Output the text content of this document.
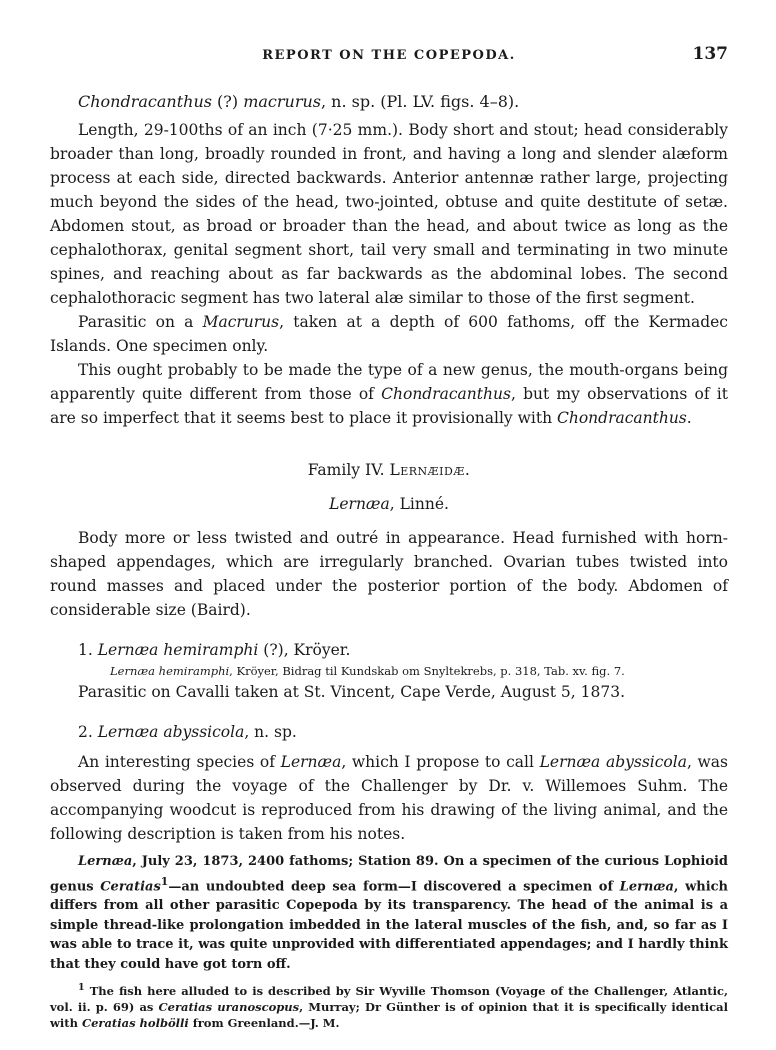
REPORT ON THE COPEPODA.	137

Chondracanthus (?) macrurus, n. sp. (Pl. LV. figs. 4–8).

Length, 29-100ths of an inch (7·25 mm.). Body short and stout; head considerably broader than long, broadly rounded in front, and having a long and slender alæform process at each side, directed backwards. Anterior antennæ rather large, projecting much beyond the sides of the head, two-jointed, obtuse and quite destitute of setæ. Abdomen stout, as broad or broader than the head, and about twice as long as the cephalothorax, genital segment short, tail very small and terminating in two minute spines, and reaching about as far backwards as the abdominal lobes. The second cephalothoracic segment has two lateral alæ similar to those of the first segment.

Parasitic on a Macrurus, taken at a depth of 600 fathoms, off the Kermadec Islands. One specimen only.

This ought probably to be made the type of a new genus, the mouth-organs being apparently quite different from those of Chondracanthus, but my observations of it are so imperfect that it seems best to place it provisionally with Chondracanthus.

Family IV. Lernæidæ.

Lernæa, Linné.

Body more or less twisted and outré in appearance. Head furnished with horn-shaped appendages, which are irregularly branched. Ovarian tubes twisted into round masses and placed under the posterior portion of the body. Abdomen of considerable size (Baird).

1. Lernæa hemiramphi (?), Kröyer.

Lernæa hemiramphi, Kröyer, Bidrag til Kundskab om Snyltekrebs, p. 318, Tab. xv. fig. 7.

Parasitic on Cavalli taken at St. Vincent, Cape Verde, August 5, 1873.

2. Lernæa abyssicola, n. sp.

An interesting species of Lernæa, which I propose to call Lernæa abyssicola, was observed during the voyage of the Challenger by Dr. v. Willemoes Suhm. The accompanying woodcut is reproduced from his drawing of the living animal, and the following description is taken from his notes.

Lernæa, July 23, 1873, 2400 fathoms; Station 89. On a specimen of the curious Lophioid genus Ceratias$^1$—an undoubted deep sea form—I discovered a specimen of Lernæa, which differs from all other parasitic Copepoda by its transparency. The head of the animal is a simple thread-like prolongation imbedded in the lateral muscles of the fish, and, so far as I was able to trace it, was quite unprovided with differentiated appendages; and I hardly think that they could have got torn off.

$^1$ The fish here alluded to is described by Sir Wyville Thomson (Voyage of the Challenger, Atlantic, vol. ii. p. 69) as Ceratias uranoscopus, Murray; Dr Günther is of opinion that it is specifically identical with Ceratias holbölli from Greenland.—J. M.
